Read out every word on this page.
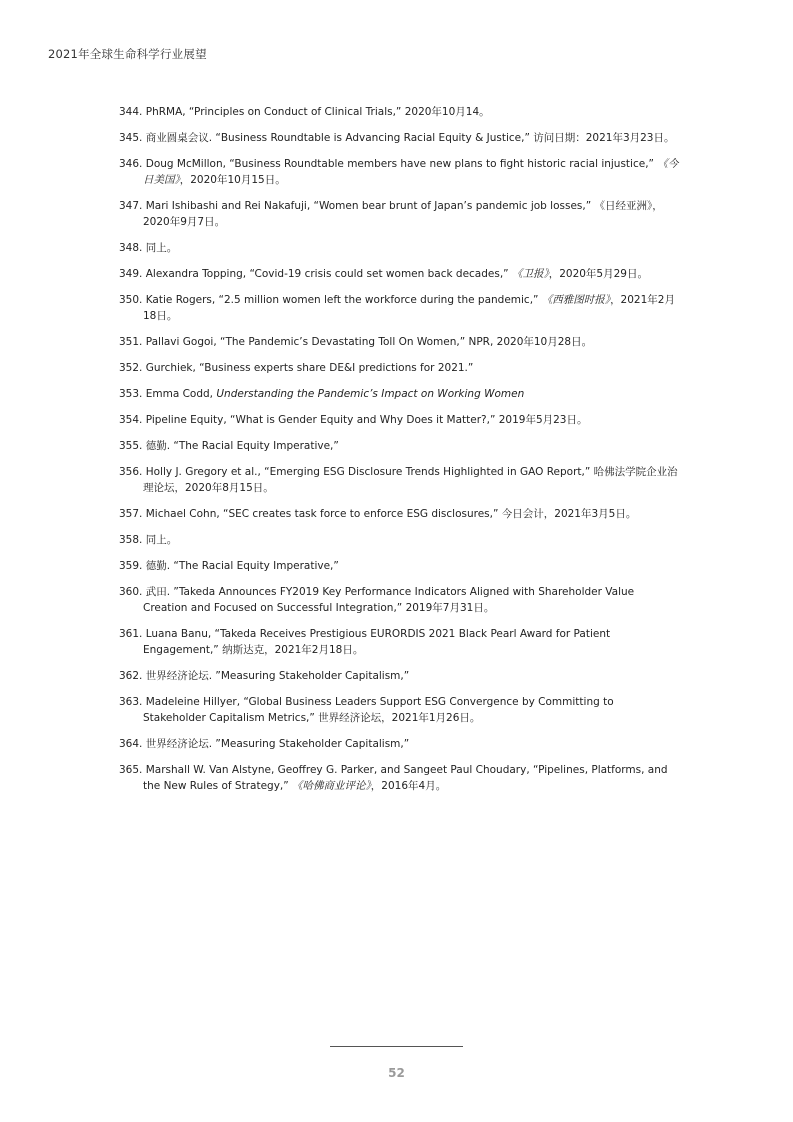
2021年全球生命科学行业展望
344. PhRMA, “Principles on Conduct of Clinical Trials,” 2020年10月14。
345. 商业圆桌会议. “Business Roundtable is Advancing Racial Equity & Justice,” 访问日期：2021年3月23日。
346. Doug McMillon, “Business Roundtable members have new plans to fight historic racial injustice,” 《今日美国》，2020年10月15日。
347. Mari Ishibashi and Rei Nakafuji, “Women bear brunt of Japan’s pandemic job losses,” 《日经亚洲》，2020年9月7日。
348. 同上。
349. Alexandra Topping, “Covid-19 crisis could set women back decades,” 《卫报》，2020年5月29日。
350. Katie Rogers, “2.5 million women left the workforce during the pandemic,” 《西雅图时报》，2021年2月18日。
351. Pallavi Gogoi, “The Pandemic’s Devastating Toll On Women,” NPR, 2020年10月28日。
352. Gurchiek, “Business experts share DE&I predictions for 2021.”
353. Emma Codd, Understanding the Pandemic’s Impact on Working Women
354. Pipeline Equity, “What is Gender Equity and Why Does it Matter?,” 2019年5月23日。
355. 德勤. “The Racial Equity Imperative,”
356. Holly J. Gregory et al., “Emerging ESG Disclosure Trends Highlighted in GAO Report,” 哈佛法学院企业治理论坛，2020年8月15日。
357. Michael Cohn, “SEC creates task force to enforce ESG disclosures,” 今日会计，2021年3月5日。
358. 同上。
359. 德勤. “The Racial Equity Imperative,”
360. 武田. ”Takeda Announces FY2019 Key Performance Indicators Aligned with Shareholder Value Creation and Focused on Successful Integration,” 2019年7月31日。
361. Luana Banu, “Takeda Receives Prestigious EURORDIS 2021 Black Pearl Award for Patient Engagement,” 纳斯达克，2021年2月18日。
362. 世界经济论坛. ”Measuring Stakeholder Capitalism,”
363. Madeleine Hillyer, “Global Business Leaders Support ESG Convergence by Committing to Stakeholder Capitalism Metrics,” 世界经济论坛，2021年1月26日。
364. 世界经济论坛. ”Measuring Stakeholder Capitalism,”
365. Marshall W. Van Alstyne, Geoffrey G. Parker, and Sangeet Paul Choudary, “Pipelines, Platforms, and the New Rules of Strategy,” 《哈佛商业评论》，2016年4月。
52
